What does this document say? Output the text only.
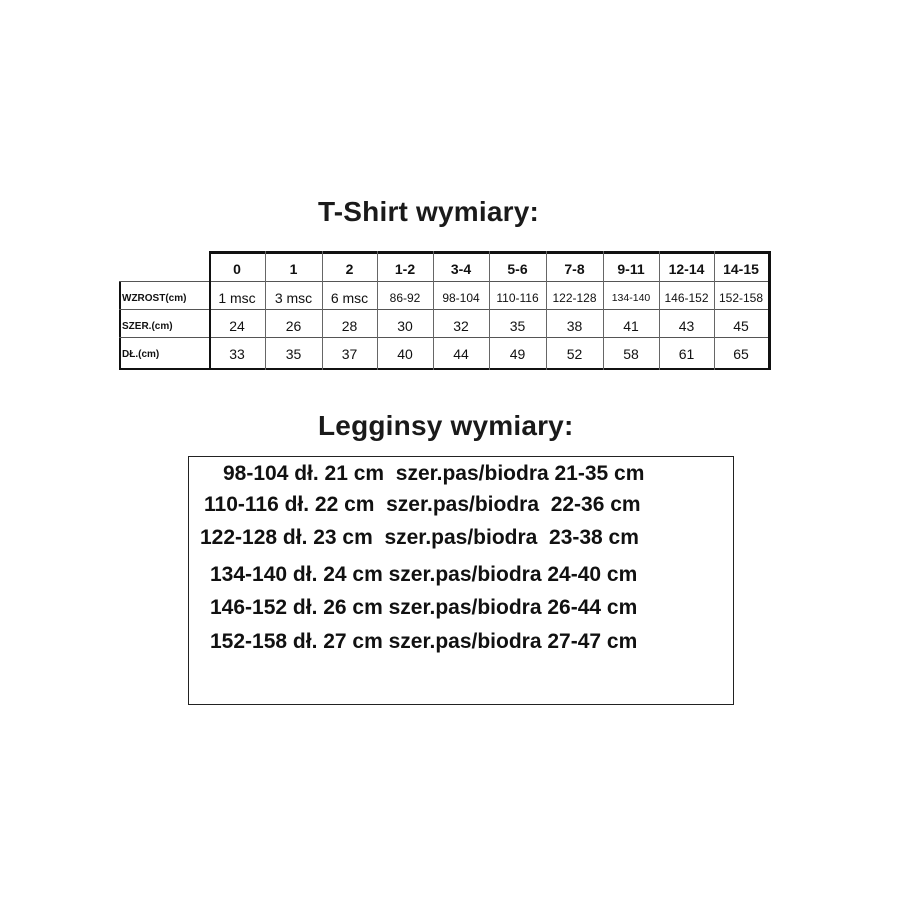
T-Shirt wymiary:
0	1	2	1-2	3-4	5-6	7-8	9-11	12-14	14-15
WZROST(cm)	1 msc	3 msc	6 msc	86-92	98-104	110-116	122-128	134-140	146-152 152-158
SZER.(cm)	24	26	28	30	32	35	38	41	43	45
DŁ.(cm)	33	35	37	40	44	49	52	58	61	65
Legginsy wymiary:
98-104 dł. 21 cm  szer.pas/biodra 21-35 cm
110-116 dł. 22 cm  szer.pas/biodra  22-36 cm
122-128 dł. 23 cm  szer.pas/biodra  23-38 cm
134-140 dł. 24 cm szer.pas/biodra 24-40 cm
146-152 dł. 26 cm szer.pas/biodra 26-44 cm
152-158 dł. 27 cm szer.pas/biodra 27-47 cm
